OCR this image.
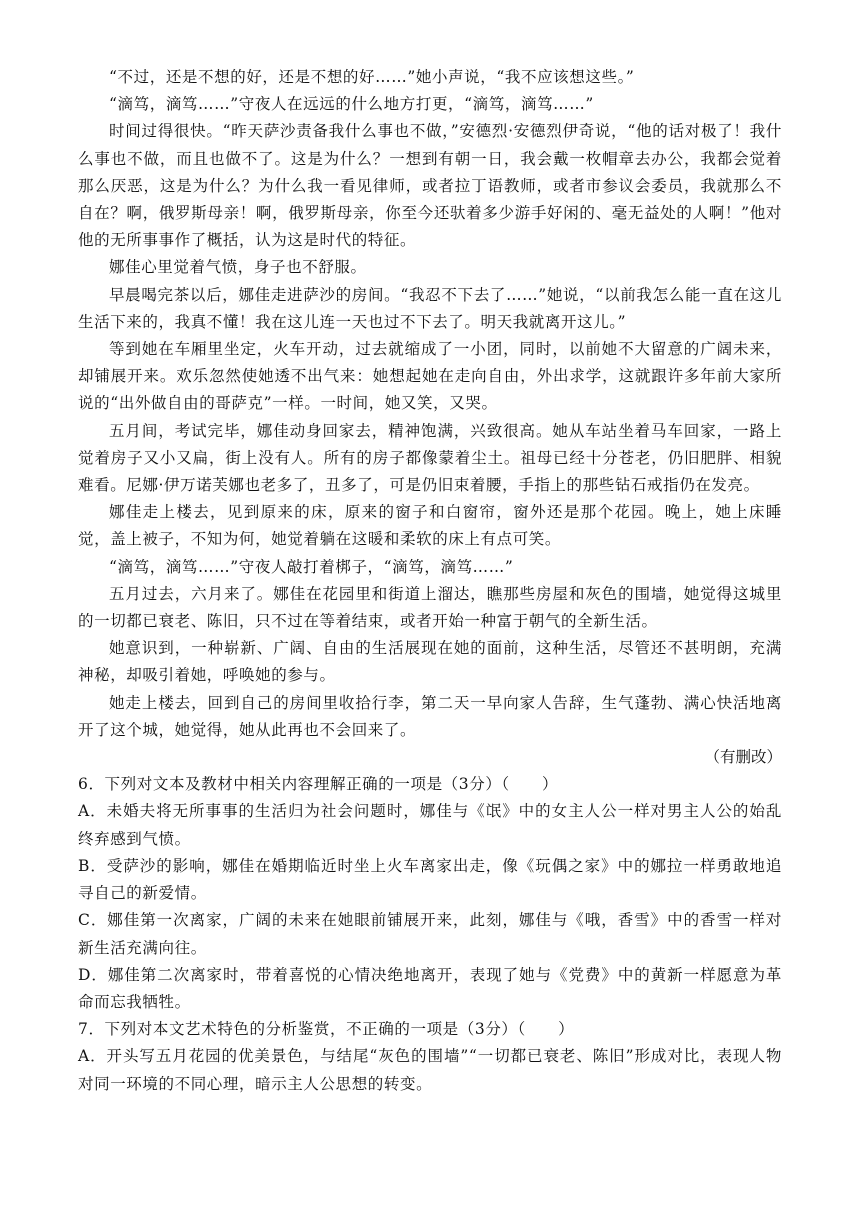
“不过，还是不想的好，还是不想的好……”她小声说，“我不应该想这些。”

“滴笃，滴笃……”守夜人在远远的什么地方打更，“滴笃，滴笃……”

时间过得很快。“昨天萨沙责备我什么事也不做，”安德烈·安德烈伊奇说，“他的话对极了！我什么事也不做，而且也做不了。这是为什么？一想到有朝一日，我会戴一枚帽章去办公，我都会觉着那么厌恶，这是为什么？为什么我一看见律师，或者拉丁语教师，或者市参议会委员，我就那么不自在？啊，俄罗斯母亲！啊，俄罗斯母亲，你至今还驮着多少游手好闲的、毫无益处的人啊！”他对他的无所事事作了概括，认为这是时代的特征。

娜佳心里觉着气愤，身子也不舒服。

早晨喝完茶以后，娜佳走进萨沙的房间。“我忍不下去了……”她说，“以前我怎么能一直在这儿生活下来的，我真不懂！我在这儿连一天也过不下去了。明天我就离开这儿。”

等到她在车厢里坐定，火车开动，过去就缩成了一小团，同时，以前她不大留意的广阔未来，却铺展开来。欢乐忽然使她透不出气来：她想起她在走向自由，外出求学，这就跟许多年前大家所说的“出外做自由的哥萨克”一样。一时间，她又笑，又哭。

五月间，考试完毕，娜佳动身回家去，精神饱满，兴致很高。她从车站坐着马车回家，一路上觉着房子又小又扁，街上没有人。所有的房子都像蒙着尘土。祖母已经十分苍老，仍旧肥胖、相貌难看。尼娜·伊万诺芙娜也老多了，丑多了，可是仍旧束着腰，手指上的那些钻石戒指仍在发亮。

娜佳走上楼去，见到原来的床，原来的窗子和白窗帘，窗外还是那个花园。晚上，她上床睡觉，盖上被子，不知为何，她觉着躺在这暖和柔软的床上有点可笑。

“滴笃，滴笃……”守夜人敲打着梆子，“滴笃，滴笃……”

五月过去，六月来了。娜佳在花园里和街道上溜达，瞧那些房屋和灰色的围墙，她觉得这城里的一切都已衰老、陈旧，只不过在等着结束，或者开始一种富于朝气的全新生活。

她意识到，一种崭新、广阔、自由的生活展现在她的面前，这种生活，尽管还不甚明朗，充满神秘，却吸引着她，呼唤她的参与。

她走上楼去，回到自己的房间里收拾行李，第二天一早向家人告辞，生气蓬勃、满心快活地离开了这个城，她觉得，她从此再也不会回来了。

（有删改）

6．下列对文本及教材中相关内容理解正确的一项是（3分）（　　）

A．未婚夫将无所事事的生活归为社会问题时，娜佳与《氓》中的女主人公一样对男主人公的始乱终弃感到气愤。

B．受萨沙的影响，娜佳在婚期临近时坐上火车离家出走，像《玩偶之家》中的娜拉一样勇敢地追寻自己的新爱情。

C．娜佳第一次离家，广阔的未来在她眼前铺展开来，此刻，娜佳与《哦，香雪》中的香雪一样对新生活充满向往。

D．娜佳第二次离家时，带着喜悦的心情决绝地离开，表现了她与《党费》中的黄新一样愿意为革命而忘我牺牲。

7．下列对本文艺术特色的分析鉴赏，不正确的一项是（3分）（　　）

A．开头写五月花园的优美景色，与结尾“灰色的围墙”“一切都已衰老、陈旧”形成对比，表现人物对同一环境的不同心理，暗示主人公思想的转变。
